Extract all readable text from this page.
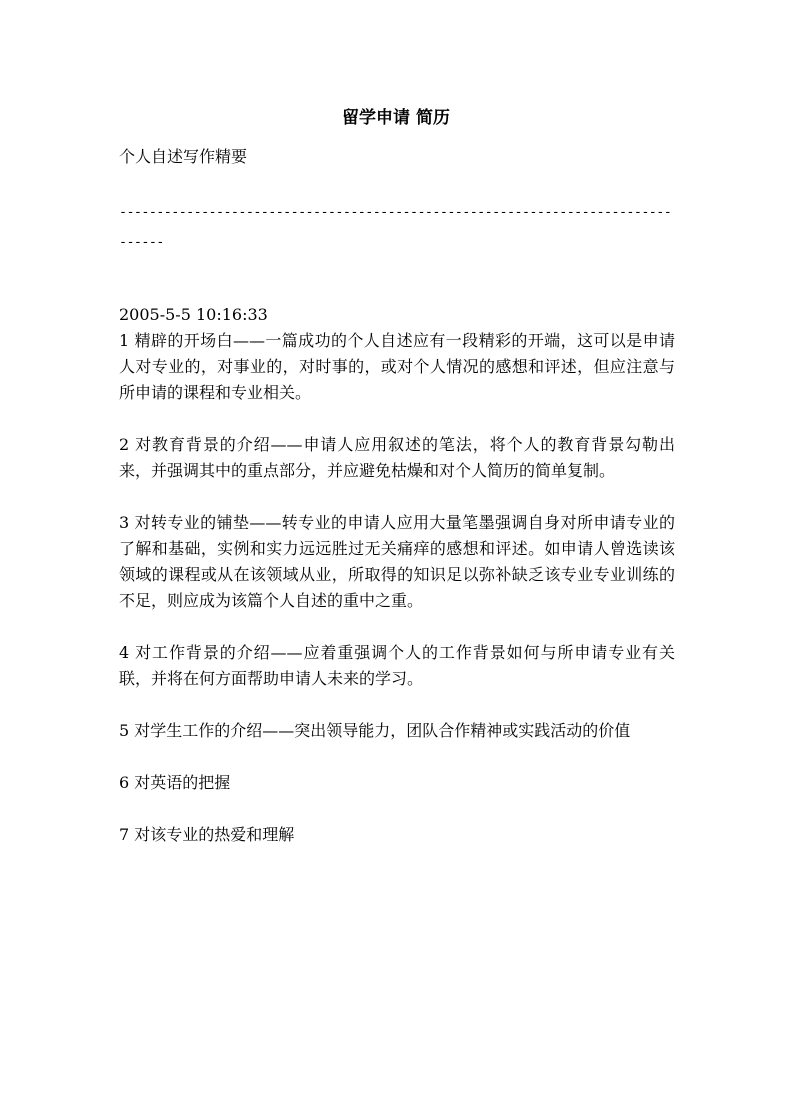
留学申请 简历
个人自述写作精要
--------------------------------------------------------------------------------
2005-5-5 10:16:33
1 精辟的开场白——一篇成功的个人自述应有一段精彩的开端，这可以是申请人对专业的，对事业的，对时事的，或对个人情况的感想和评述，但应注意与所申请的课程和专业相关。
2 对教育背景的介绍——申请人应用叙述的笔法，将个人的教育背景勾勒出来，并强调其中的重点部分，并应避免枯燥和对个人简历的简单复制。
3 对转专业的铺垫——转专业的申请人应用大量笔墨强调自身对所申请专业的了解和基础，实例和实力远远胜过无关痛痒的感想和评述。如申请人曾选读该领域的课程或从在该领域从业，所取得的知识足以弥补缺乏该专业专业训练的不足，则应成为该篇个人自述的重中之重。
4 对工作背景的介绍——应着重强调个人的工作背景如何与所申请专业有关联，并将在何方面帮助申请人未来的学习。
5 对学生工作的介绍——突出领导能力，团队合作精神或实践活动的价值
6 对英语的把握
7 对该专业的热爱和理解
